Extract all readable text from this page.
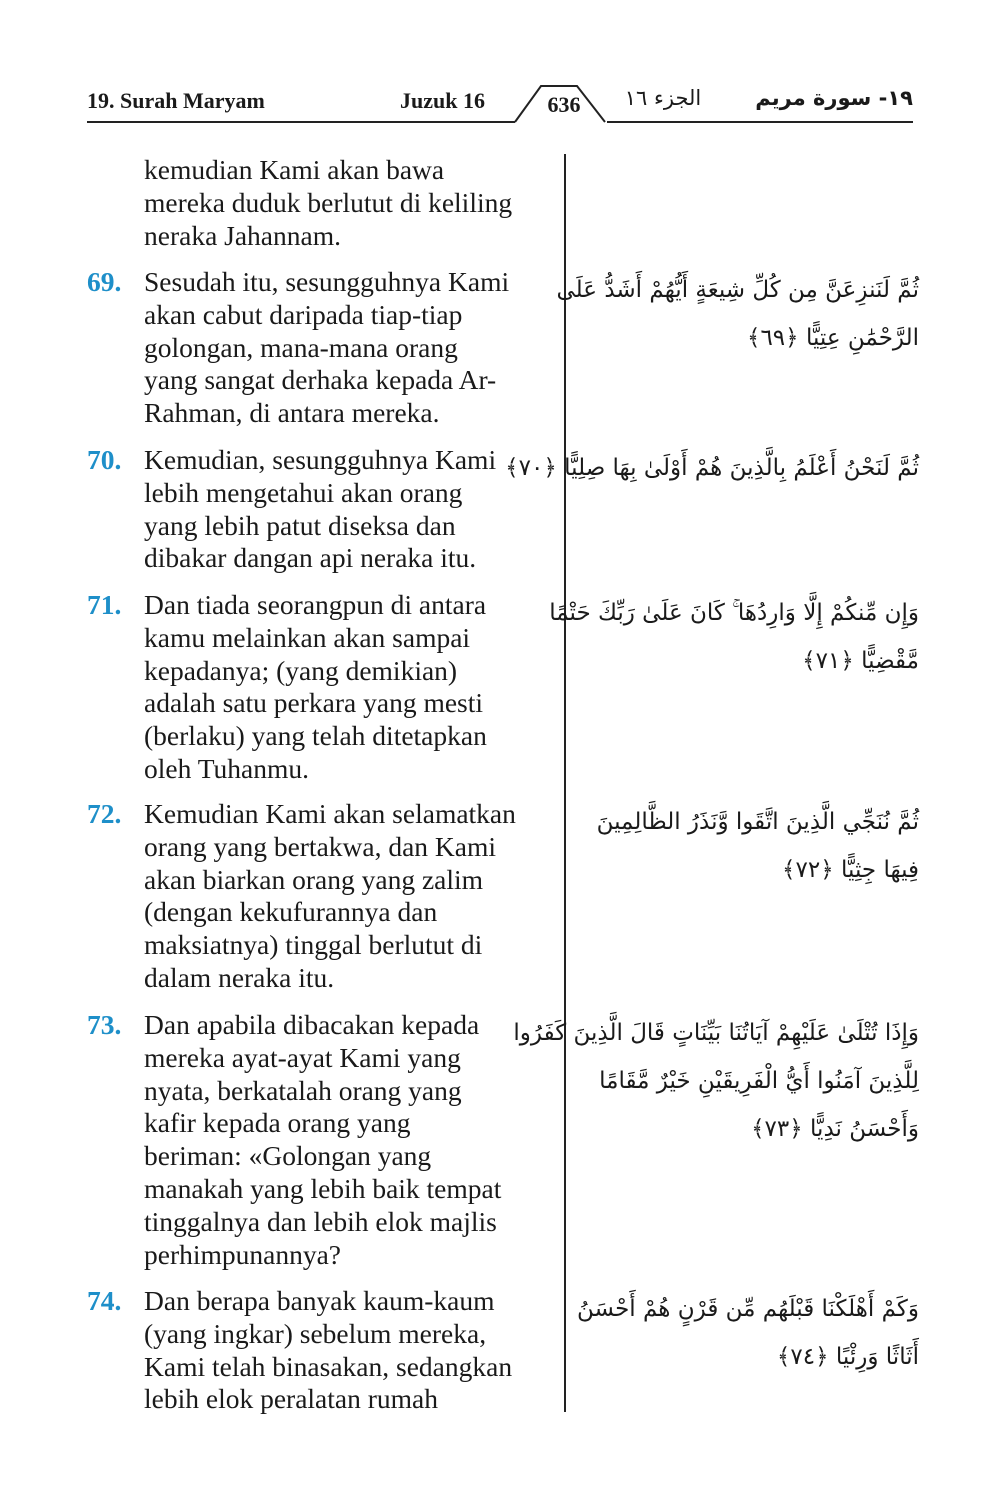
19. Surah Maryam	Juzuk 16	636	الجزء ١٦	١٩- سورة مريم
kemudian Kami akan bawa
mereka duduk berlutut di keliling
neraka Jahannam.
69. Sesudah itu, sesungguhnya Kami
akan cabut daripada tiap-tiap
golongan, mana-mana orang
yang sangat derhaka kepada Ar-
Rahman, di antara mereka.
ثُمَّ لَنَنزِعَنَّ مِن كُلِّ شِيعَةٍ أَيُّهُمْ أَشَدُّ عَلَى
الرَّحْمَٰنِ عِتِيًّا ﴿٦٩﴾
70. Kemudian, sesungguhnya Kami
lebih mengetahui akan orang
yang lebih patut diseksa dan
dibakar dangan api neraka itu.
ثُمَّ لَنَحْنُ أَعْلَمُ بِالَّذِينَ هُمْ أَوْلَىٰ بِهَا صِلِيًّا ﴿٧٠﴾
71. Dan tiada seorangpun di antara
kamu melainkan akan sampai
kepadanya; (yang demikian)
adalah satu perkara yang mesti
(berlaku) yang telah ditetapkan
oleh Tuhanmu.
وَإِن مِّنكُمْ إِلَّا وَارِدُهَا ۚ كَانَ عَلَىٰ رَبِّكَ حَتْمًا
مَّقْضِيًّا ﴿٧١﴾
72. Kemudian Kami akan selamatkan
orang yang bertakwa, dan Kami
akan biarkan orang yang zalim
(dengan kekufurannya dan
maksiatnya) tinggal berlutut di
dalam neraka itu.
ثُمَّ نُنَجِّي الَّذِينَ اتَّقَوا وَّنَذَرُ الظَّالِمِينَ
فِيهَا جِثِيًّا ﴿٧٢﴾
73. Dan apabila dibacakan kepada
mereka ayat-ayat Kami yang
nyata, berkatalah orang yang
kafir kepada orang yang
beriman: «Golongan yang
manakah yang lebih baik tempat
tinggalnya dan lebih elok majlis
perhimpunannya?
وَإِذَا تُتْلَىٰ عَلَيْهِمْ آيَاتُنَا بَيِّنَاتٍ قَالَ الَّذِينَ كَفَرُوا
لِلَّذِينَ آمَنُوا أَيُّ الْفَرِيقَيْنِ خَيْرٌ مَّقَامًا
وَأَحْسَنُ نَدِيًّا ﴿٧٣﴾
74. Dan berapa banyak kaum-kaum
(yang ingkar) sebelum mereka,
Kami telah binasakan, sedangkan
lebih elok peralatan rumah
وَكَمْ أَهْلَكْنَا قَبْلَهُم مِّن قَرْنٍ هُمْ أَحْسَنُ
أَثَاثًا وَرِئْيًا ﴿٧٤﴾
